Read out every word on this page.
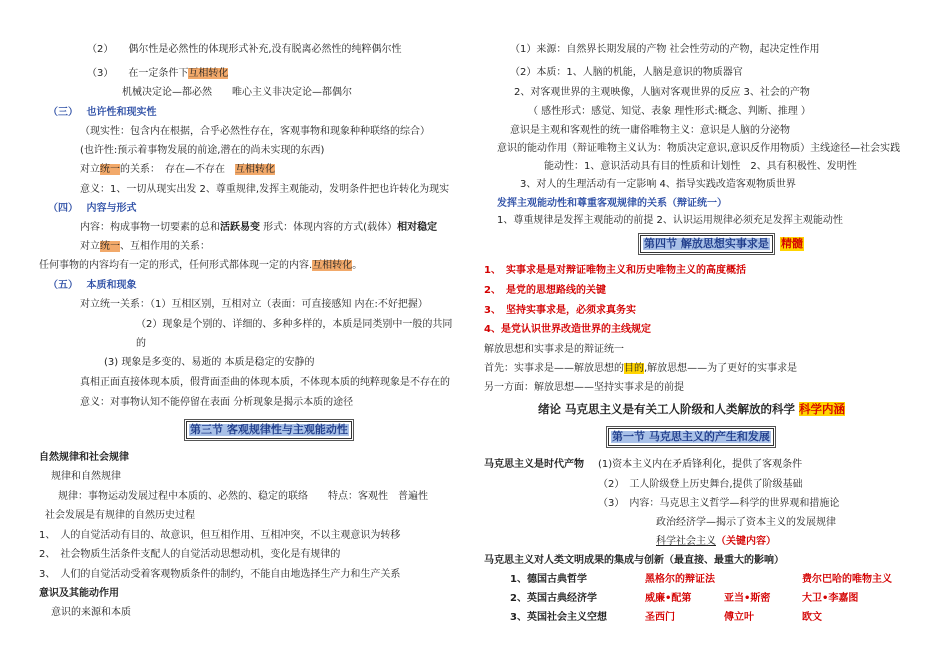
（2）　　偶尔性是必然性的体现形式补充,没有脱离必然性的纯粹偶尔性
（3）　　在一定条件下互相转化
机械决定论—都必然　　唯心主义非决定论—都偶尔
（三）　 也许性和现实性
（现实性：包含内在根据，合乎必然性存在，客观事物和现象种种联络的综合）
(也许性:预示着事物发展的前途,潜在的尚未实现的东西)
对立统一的关系：　存在—不存在　互相转化
意义：1、一切从现实出发 2、尊重规律,发挥主观能动，发明条件把也许转化为现实
（四）　 内容与形式
内容：构成事物一切要素的总和活跃易变 形式：体现内容的方式(载体）相对稳定
对立统一、互相作用的关系：
任何事物的内容均有一定的形式，任何形式都体现一定的内容.互相转化。
（五）　 本质和现象
对立统一关系：（1）互相区别，互相对立（表面：可直接感知 内在:不好把握）
（2）现象是个别的、详细的、多种多样的，本质是同类别中一般的共同
的
(3) 现象是多变的、易逝的 本质是稳定的安静的
真相正面直接体现本质，假背面歪曲的体现本质，不体现本质的纯粹现象是不存在的
意义：对事物认知不能停留在表面 分析现象是揭示本质的途径
第三节 客观规律性与主观能动性
自然规律和社会规律
规律和自然规律
规律：事物运动发展过程中本质的、必然的、稳定的联络　　特点：客观性　普遍性
社会发展是有规律的自然历史过程
1、　人的自觉活动有目的、故意识，但互相作用、互相冲突，不以主观意识为转移
2、　社会物质生活条件支配人的自觉活动思想动机，变化是有规律的
3、　人们的自觉活动受着客观物质条件的制约，不能自由地选择生产力和生产关系
意识及其能动作用
意识的来源和本质
（1）来源：自然界长期发展的产物 社会性劳动的产物，起决定性作用
（2）本质：1、人脑的机能，人脑是意识的物质器官
2、对客观世界的主观映像，人脑对客观世界的反应 3、社会的产物
（ 感性形式：感觉、知觉、表象 理性形式:概念、判断、推理 ）
意识是主观和客观性的统一庸俗唯物主义：意识是人脑的分泌物
意识的能动作用（辩证唯物主义认为：物质决定意识,意识反作用物质）主线途径—社会实践
能动性：1、意识活动具有目的性质和计划性　2、具有积极性、发明性
3、对人的生理活动有一定影响 4、指导实践改造客观物质世界
发挥主观能动性和尊重客观规律的关系（辩证统一）
1、尊重规律是发挥主观能动的前提 2、认识运用规律必须充足发挥主观能动性
第四节 解放思想实事求是	精髓
1、　实事求是是对辩证唯物主义和历史唯物主义的高度概括
2、　是党的思想路线的关键
3、　坚持实事求是，必须求真务实
4、是党认识世界改造世界的主线规定
解放思想和实事求是的辩证统一
首先：实事求是——解放思想的目的,解放思想——为了更好的实事求是
另一方面：解放思想——坚持实事求是的前提
绪论 马克思主义是有关工人阶级和人类解放的科学 科学内涵
第一节 马克思主义的产生和发展
马克思主义是时代产物 (1)资本主义内在矛盾锋利化，提供了客观条件
（2）　工人阶级登上历史舞台,提供了阶级基础
（3）　内容：马克思主义哲学—科学的世界观和措施论
政治经济学—揭示了资本主义的发展规律
科学社会主义（关键内容）
马克思主义对人类文明成果的集成与创新（最直接、最重大的影响）
1、德国古典哲学	黑格尔的辩证法	费尔巴哈的唯物主义
2、英国古典经济学	威廉•配第	亚当•斯密	大卫•李嘉图
3、英国社会主义空想	圣西门	傅立叶	欧文
